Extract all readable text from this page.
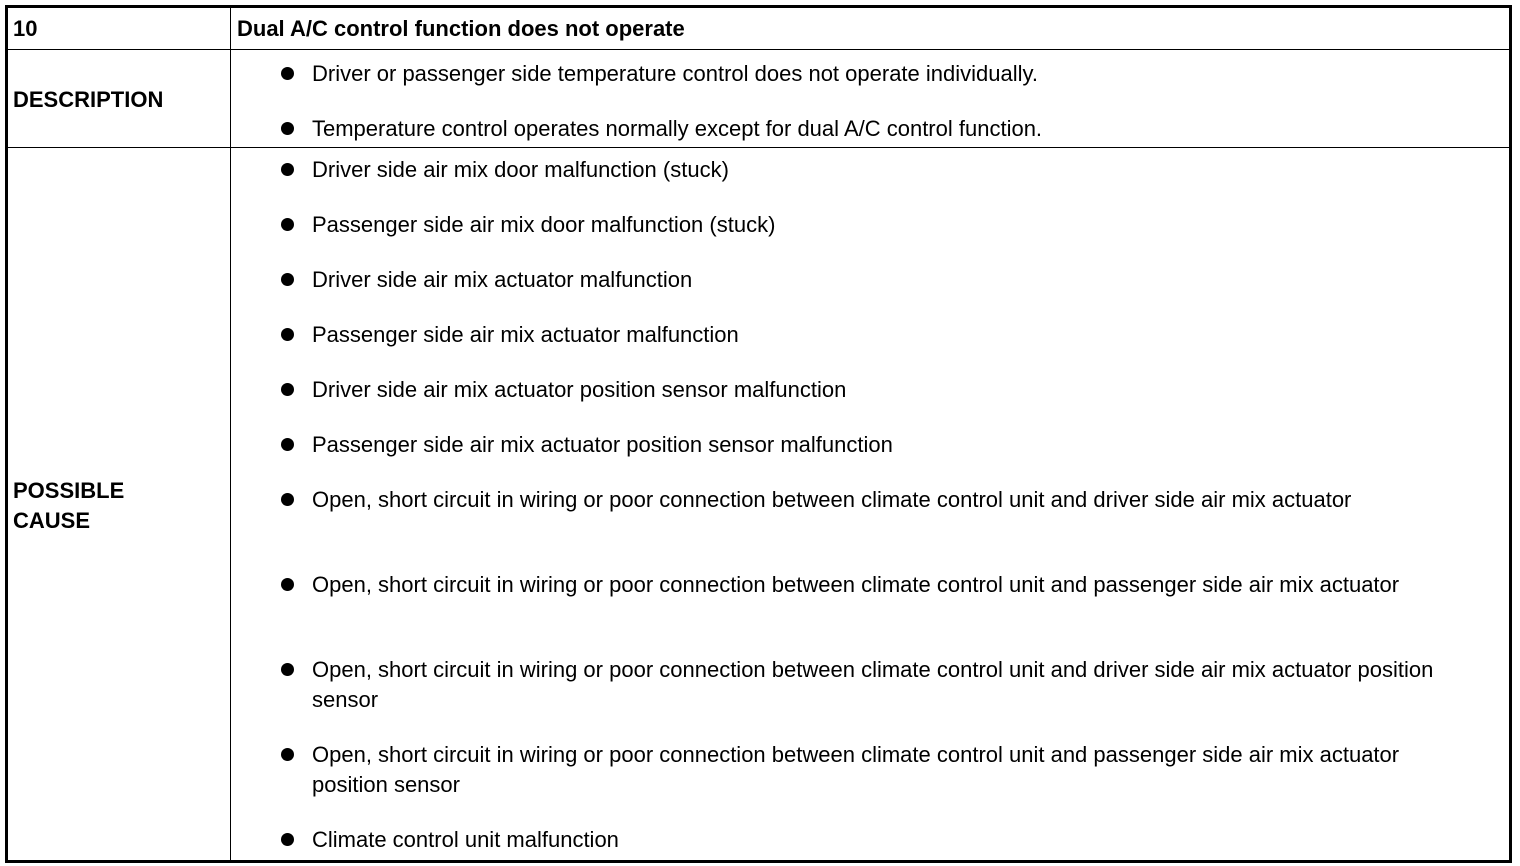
10	Dual A/C control function does not operate
DESCRIPTION
Driver or passenger side temperature control does not operate individually.
Temperature control operates normally except for dual A/C control function.
POSSIBLE
CAUSE
Driver side air mix door malfunction (stuck)
Passenger side air mix door malfunction (stuck)
Driver side air mix actuator malfunction
Passenger side air mix actuator malfunction
Driver side air mix actuator position sensor malfunction
Passenger side air mix actuator position sensor malfunction
Open, short circuit in wiring or poor connection between climate control unit and driver side air mix actuator
Open, short circuit in wiring or poor connection between climate control unit and passenger side air mix actuator
Open, short circuit in wiring or poor connection between climate control unit and driver side air mix actuator position sensor
Open, short circuit in wiring or poor connection between climate control unit and passenger side air mix actuator position sensor
Climate control unit malfunction
